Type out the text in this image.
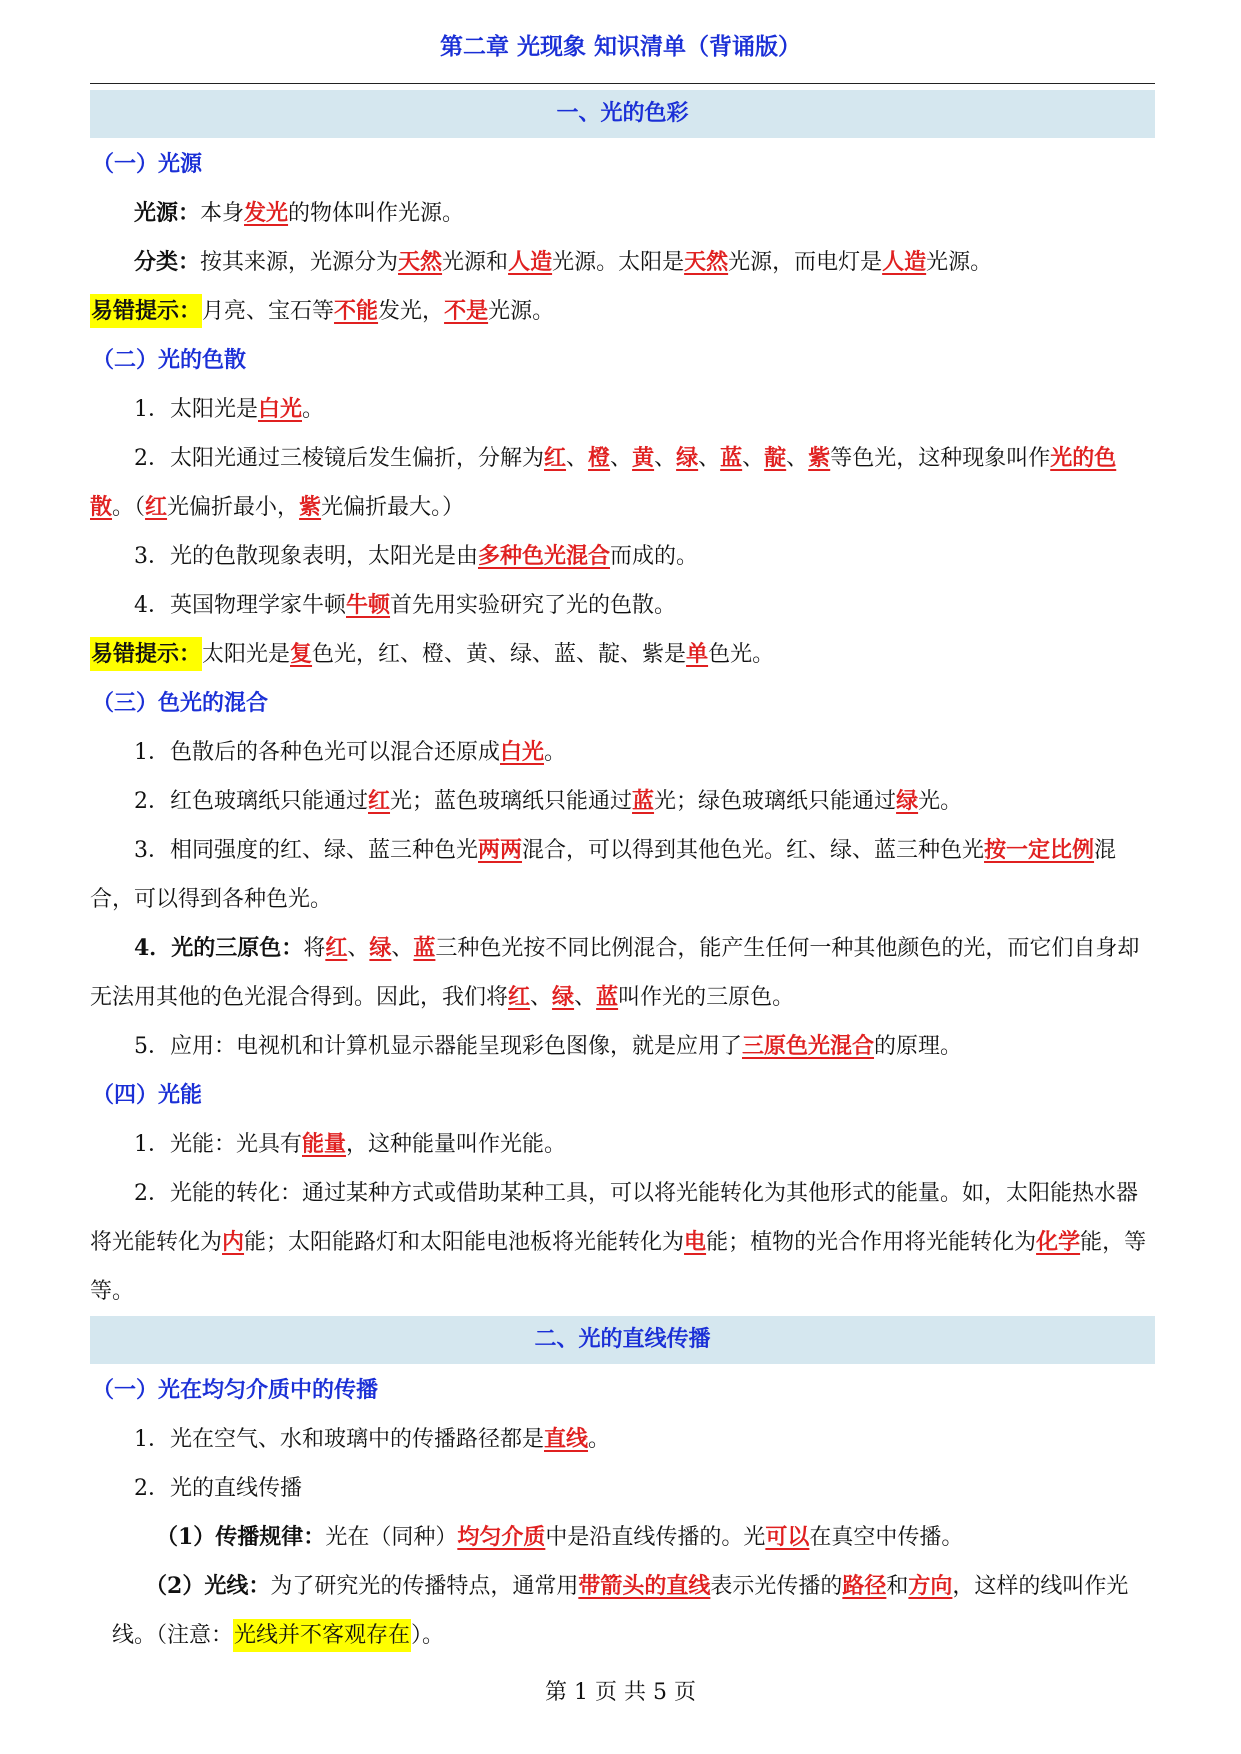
第二章 光现象 知识清单（背诵版）
一、光的色彩
（一）光源

光源：本身发光的物体叫作光源。

分类：按其来源，光源分为天然光源和人造光源。太阳是天然光源，而电灯是人造光源。

易错提示：月亮、宝石等不能发光，不是光源。

（二）光的色散

1．太阳光是白光。

2．太阳光通过三棱镜后发生偏折，分解为红、橙、黄、绿、蓝、靛、紫等色光，这种现象叫作光的色散。（红光偏折最小，紫光偏折最大。）

3．光的色散现象表明，太阳光是由多种色光混合而成的。

4．英国物理学家牛顿牛顿首先用实验研究了光的色散。

易错提示：太阳光是复色光，红、橙、黄、绿、蓝、靛、紫是单色光。

（三）色光的混合

1．色散后的各种色光可以混合还原成白光。

2．红色玻璃纸只能通过红光；蓝色玻璃纸只能通过蓝光；绿色玻璃纸只能通过绿光。

3．相同强度的红、绿、蓝三种色光两两混合，可以得到其他色光。红、绿、蓝三种色光按一定比例混合，可以得到各种色光。

4．光的三原色：将红、绿、蓝三种色光按不同比例混合，能产生任何一种其他颜色的光，而它们自身却无法用其他的色光混合得到。因此，我们将红、绿、蓝叫作光的三原色。

5．应用：电视机和计算机显示器能呈现彩色图像，就是应用了三原色光混合的原理。

（四）光能

1．光能：光具有能量，这种能量叫作光能。

2．光能的转化：通过某种方式或借助某种工具，可以将光能转化为其他形式的能量。如，太阳能热水器将光能转化为内能；太阳能路灯和太阳能电池板将光能转化为电能；植物的光合作用将光能转化为化学能，等等。

二、光的直线传播
（一）光在均匀介质中的传播

1．光在空气、水和玻璃中的传播路径都是直线。

2．光的直线传播

（1）传播规律：光在（同种）均匀介质中是沿直线传播的。光可以在真空中传播。

　　（2）光线：为了研究光的传播特点，通常用带箭头的直线表示光传播的路径和方向，这样的线叫作光线。（注意：光线并不客观存在）。

第 1 页 共 5 页
